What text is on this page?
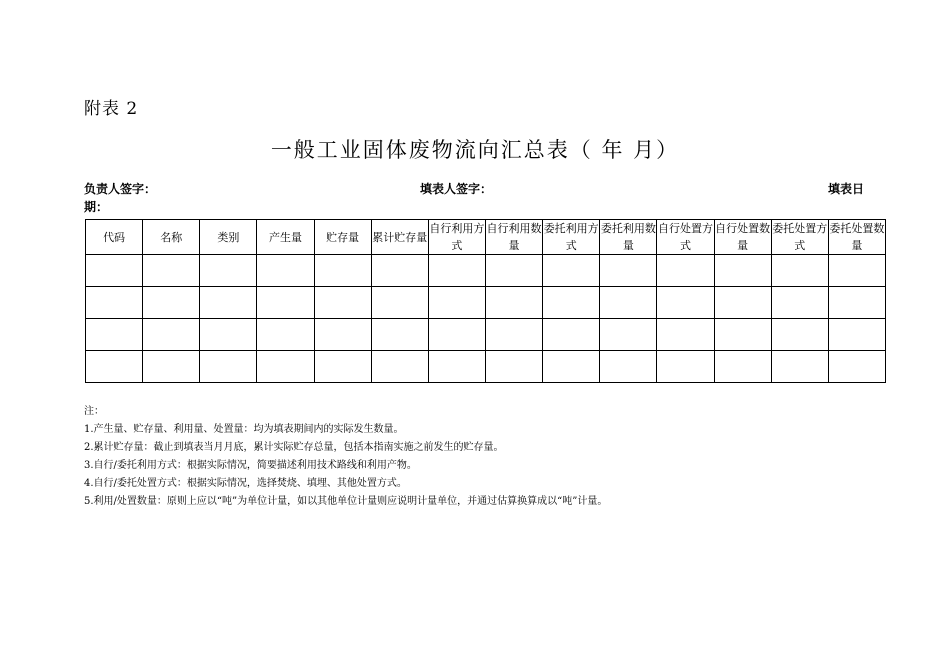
附表 2
一般工业固体废物流向汇总表（ 年 月）
负责人签字：	填表人签字：	填表日
期：
代码	名称	类别	产生量	贮存量	累计贮存量	自行利用方式	自行利用数量	委托利用方式	委托利用数量	自行处置方式	自行处置数量	委托处置方式	委托处置数量

注：
1.产生量、贮存量、利用量、处置量：均为填表期间内的实际发生数量。
2.累计贮存量：截止到填表当月月底，累计实际贮存总量，包括本指南实施之前发生的贮存量。
3.自行/委托利用方式：根据实际情况，简要描述利用技术路线和利用产物。
4.自行/委托处置方式：根据实际情况，选择焚烧、填埋、其他处置方式。
5.利用/处置数量：原则上应以“吨”为单位计量，如以其他单位计量则应说明计量单位，并通过估算换算成以“吨”计量。
